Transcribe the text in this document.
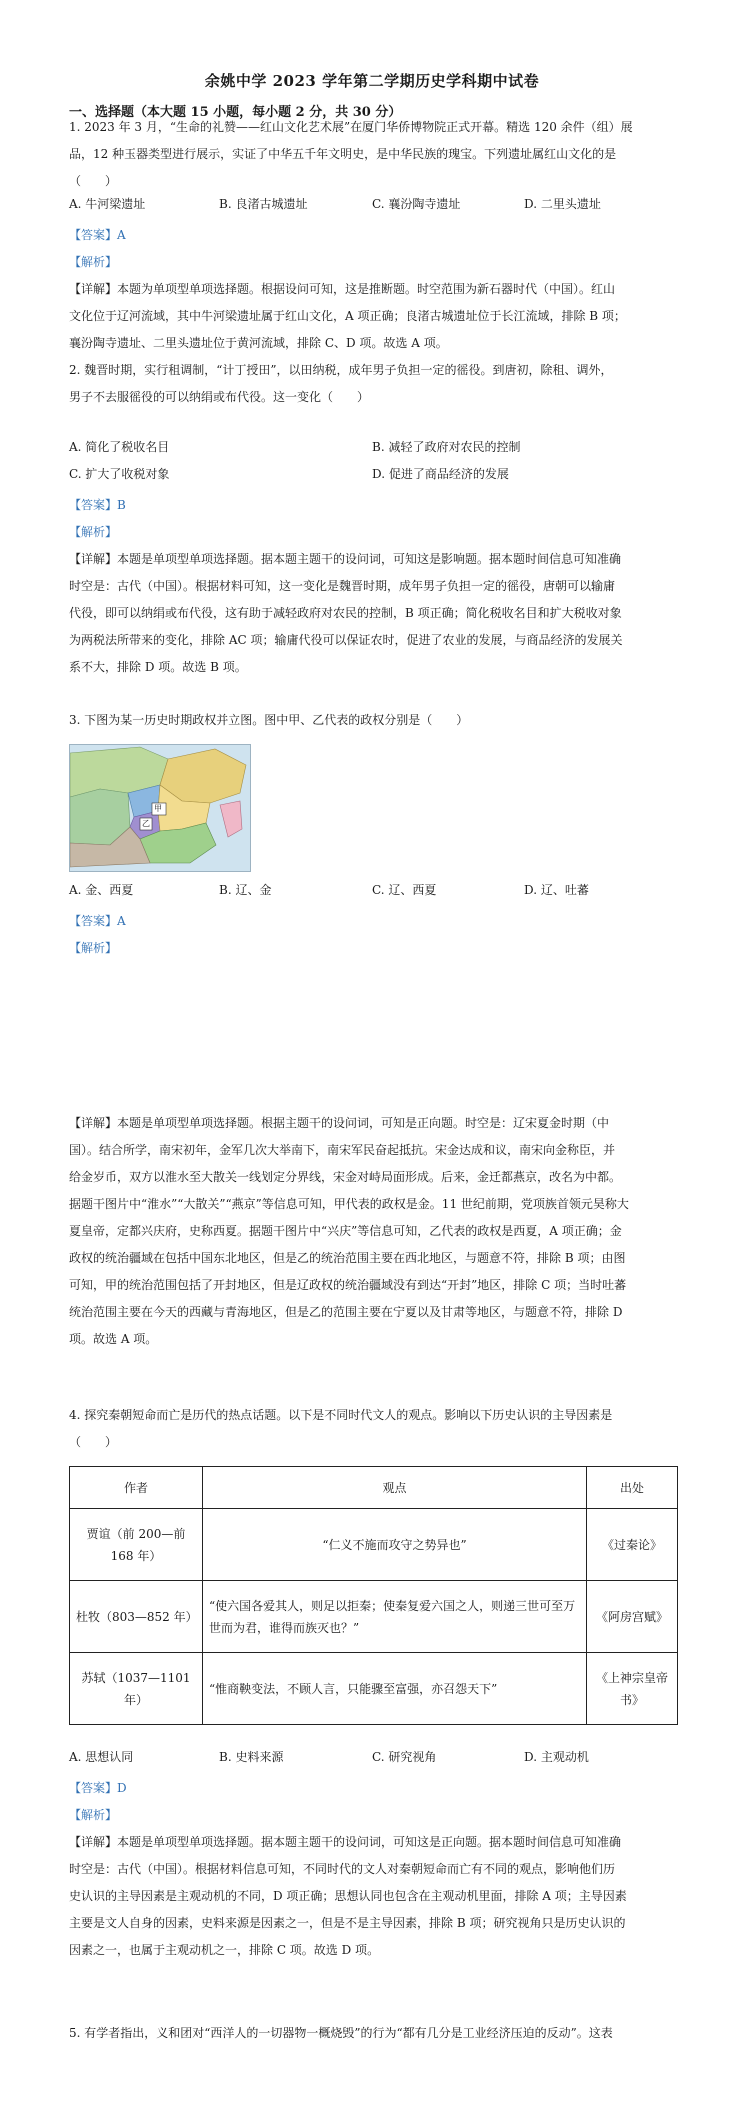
余姚中学 2023 学年第二学期历史学科期中试卷
一、选择题（本大题 15 小题，每小题 2 分，共 30 分）
1. 2023 年 3 月，“生命的礼赞——红山文化艺术展”在厦门华侨博物院正式开幕。精选 120 余件（组）展
品，12 种玉器类型进行展示，实证了中华五千年文明史，是中华民族的瑰宝。下列遗址属红山文化的是
（　　）
A. 牛河梁遗址	B. 良渚古城遗址	C. 襄汾陶寺遗址	D. 二里头遗址
【答案】A
【解析】
【详解】本题为单项型单项选择题。根据设问可知，这是推断题。时空范围为新石器时代（中国）。红山
文化位于辽河流域，其中牛河梁遗址属于红山文化，A 项正确；良渚古城遗址位于长江流域，排除 B 项；
襄汾陶寺遗址、二里头遗址位于黄河流域，排除 C、D 项。故选 A 项。
2. 魏晋时期，实行租调制，“计丁授田”，以田纳税，成年男子负担一定的徭役。到唐初，除租、调外，
男子不去服徭役的可以纳绢或布代役。这一变化（　　）
A. 简化了税收名目	B. 减轻了政府对农民的控制
C. 扩大了收税对象	D. 促进了商品经济的发展
【答案】B
【解析】
【详解】本题是单项型单项选择题。据本题主题干的设问词，可知这是影响题。据本题时间信息可知准确
时空是：古代（中国）。根据材料可知，这一变化是魏晋时期，成年男子负担一定的徭役，唐朝可以输庸
代役，即可以纳绢或布代役，这有助于减轻政府对农民的控制，B 项正确；简化税收名目和扩大税收对象
为两税法所带来的变化，排除 AC 项；输庸代役可以保证农时，促进了农业的发展，与商品经济的发展关
系不大，排除 D 项。故选 B 项。
3. 下图为某一历史时期政权并立图。图中甲、乙代表的政权分别是（　　）
甲
乙
A. 金、西夏	B. 辽、金	C. 辽、西夏	D. 辽、吐蕃
【答案】A
【解析】
【详解】本题是单项型单项选择题。根据主题干的设问词，可知是正向题。时空是：辽宋夏金时期（中
国）。结合所学，南宋初年，金军几次大举南下，南宋军民奋起抵抗。宋金达成和议，南宋向金称臣，并
给金岁币，双方以淮水至大散关一线划定分界线，宋金对峙局面形成。后来，金迁都燕京，改名为中都。
据题干图片中“淮水”“大散关”“燕京”等信息可知，甲代表的政权是金。11 世纪前期，党项族首领元昊称大
夏皇帝，定都兴庆府，史称西夏。据题干图片中“兴庆”等信息可知，乙代表的政权是西夏，A 项正确；金
政权的统治疆域在包括中国东北地区，但是乙的统治范围主要在西北地区，与题意不符，排除 B 项；由图
可知，甲的统治范围包括了开封地区，但是辽政权的统治疆域没有到达“开封”地区，排除 C 项；当时吐蕃
统治范围主要在今天的西藏与青海地区，但是乙的范围主要在宁夏以及甘肃等地区，与题意不符，排除 D
项。故选 A 项。
4. 探究秦朝短命而亡是历代的热点话题。以下是不同时代文人的观点。影响以下历史认识的主导因素是
（　　）
作者	观点	出处
贾谊（前 200—前 168 年）	“仁义不施而攻守之势异也”	《过秦论》
杜牧（803—852 年）	“使六国各爱其人，则足以拒秦；使秦复爱六国之人，则递三世可至万世而为君，谁得而族灭也？”	《阿房宫赋》
苏轼（1037—1101 年）	“惟商鞅变法，不顾人言，只能骤至富强，亦召怨天下”	《上神宗皇帝书》
A. 思想认同	B. 史料来源	C. 研究视角	D. 主观动机
【答案】D
【解析】
【详解】本题是单项型单项选择题。据本题主题干的设问词，可知这是正向题。据本题时间信息可知准确
时空是：古代（中国）。根据材料信息可知，不同时代的文人对秦朝短命而亡有不同的观点，影响他们历
史认识的主导因素是主观动机的不同，D 项正确；思想认同也包含在主观动机里面，排除 A 项；主导因素
主要是文人自身的因素，史料来源是因素之一，但是不是主导因素，排除 B 项；研究视角只是历史认识的
因素之一，也属于主观动机之一，排除 C 项。故选 D 项。
5. 有学者指出，义和团对“西洋人的一切器物一概烧毁”的行为“都有几分是工业经济压迫的反动”。这表
